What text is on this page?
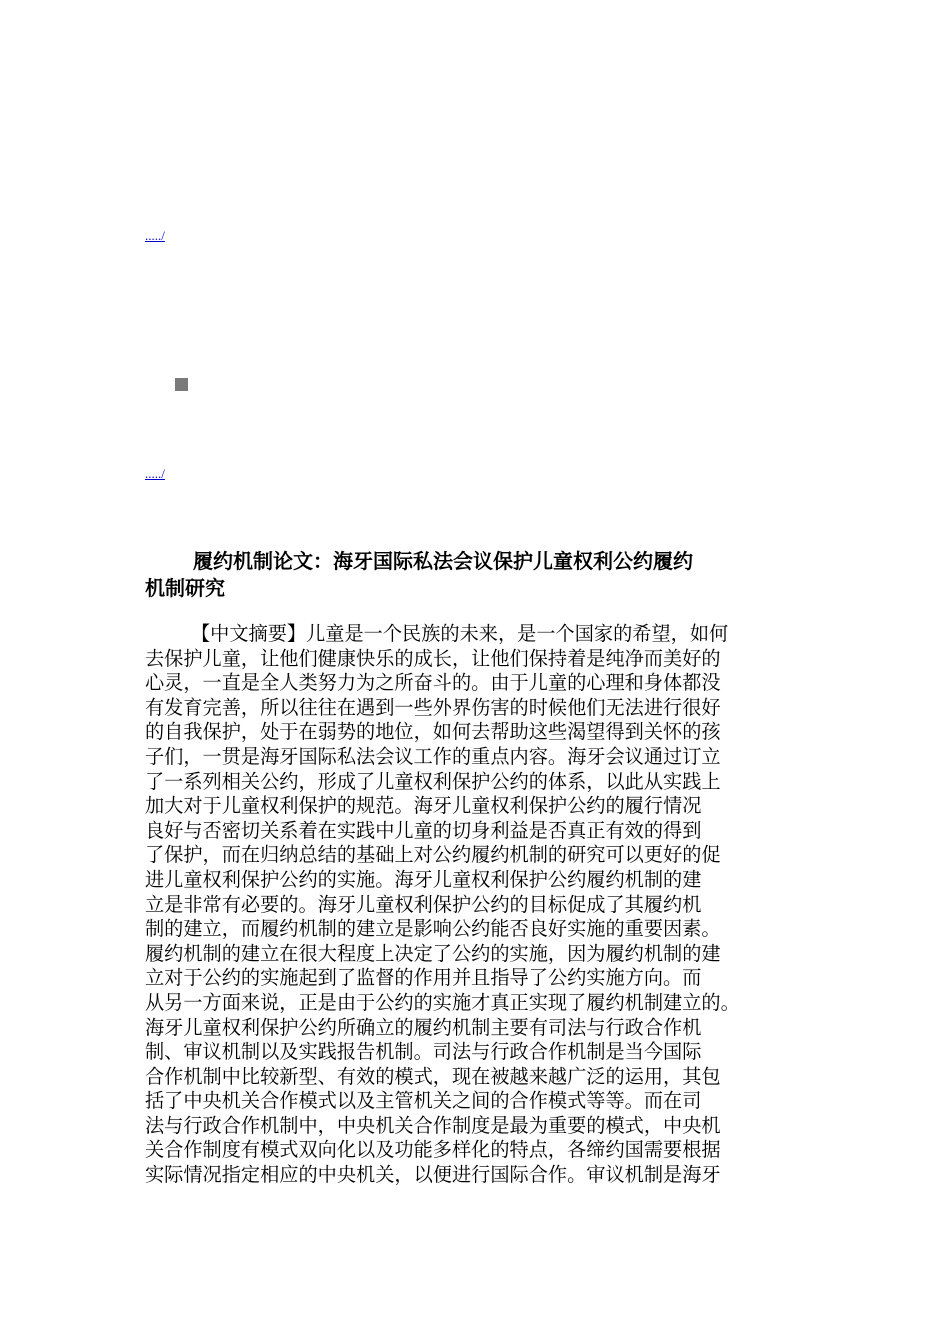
...../
...../
履约机制论文：海牙国际私法会议保护儿童权利公约履约
机制研究
【中文摘要】儿童是一个民族的未来，是一个国家的希望，如何
去保护儿童，让他们健康快乐的成长，让他们保持着是纯净而美好的
心灵，一直是全人类努力为之所奋斗的。由于儿童的心理和身体都没
有发育完善，所以往往在遇到一些外界伤害的时候他们无法进行很好
的自我保护，处于在弱势的地位，如何去帮助这些渴望得到关怀的孩
子们，一贯是海牙国际私法会议工作的重点内容。海牙会议通过订立
了一系列相关公约，形成了儿童权利保护公约的体系，以此从实践上
加大对于儿童权利保护的规范。海牙儿童权利保护公约的履行情况
良好与否密切关系着在实践中儿童的切身利益是否真正有效的得到
了保护，而在归纳总结的基础上对公约履约机制的研究可以更好的促
进儿童权利保护公约的实施。海牙儿童权利保护公约履约机制的建
立是非常有必要的。海牙儿童权利保护公约的目标促成了其履约机
制的建立，而履约机制的建立是影响公约能否良好实施的重要因素。
履约机制的建立在很大程度上决定了公约的实施，因为履约机制的建
立对于公约的实施起到了监督的作用并且指导了公约实施方向。而
从另一方面来说，正是由于公约的实施才真正实现了履约机制建立的。
海牙儿童权利保护公约所确立的履约机制主要有司法与行政合作机
制、审议机制以及实践报告机制。司法与行政合作机制是当今国际
合作机制中比较新型、有效的模式，现在被越来越广泛的运用，其包
括了中央机关合作模式以及主管机关之间的合作模式等等。而在司
法与行政合作机制中，中央机关合作制度是最为重要的模式，中央机
关合作制度有模式双向化以及功能多样化的特点，各缔约国需要根据
实际情况指定相应的中央机关，以便进行国际合作。审议机制是海牙
